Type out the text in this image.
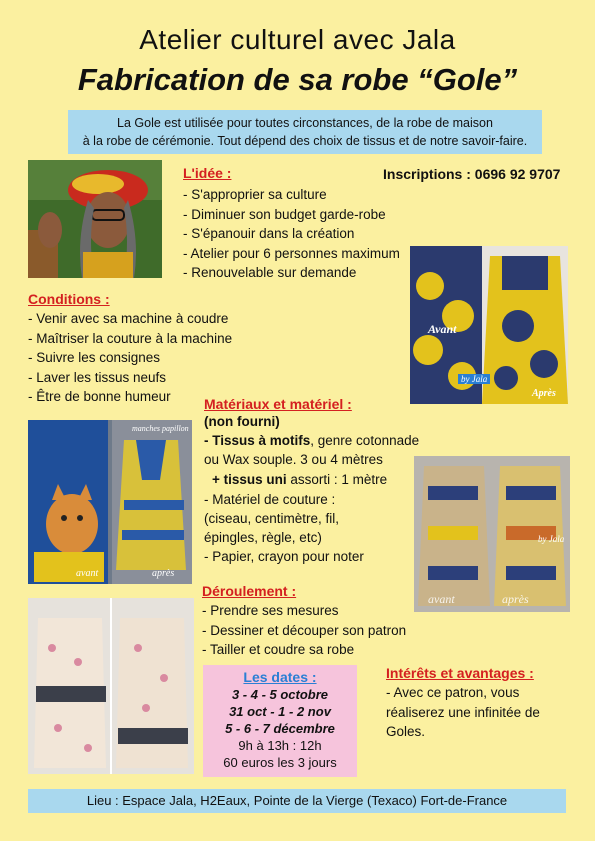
Atelier culturel avec Jala
Fabrication de sa robe “Gole”
La Gole est utilisée pour toutes circonstances, de la robe de maison
à la robe de cérémonie. Tout dépend des choix de tissus et de notre savoir-faire.
L'idée :	Inscriptions : 0696 92 9707
- S'approprier sa culture
- Diminuer son budget garde-robe
- S'épanouir dans la création
- Atelier pour 6 personnes maximum
- Renouvelable sur demande
Avant
by Jala
Après
Conditions :
- Venir avec sa machine à coudre
- Maîtriser la couture à la machine
- Suivre les consignes
- Laver les tissus neufs
- Être de bonne humeur
manches papillon
avant	après
Matériaux et matériel :
(non fourni)
- Tissus à motifs, genre cotonnade
ou Wax souple. 3 ou 4 mètres
+ tissus uni assorti : 1 mètre
- Matériel de couture :
(ciseau, centimètre, fil,
épingles, règle, etc)
- Papier, crayon pour noter
by Jala
avant	après
Déroulement :
- Prendre ses mesures
- Dessiner et découper son patron
- Tailler et coudre sa robe
Les dates :
3 - 4 - 5 octobre
31 oct - 1 - 2 nov
5 - 6 - 7 décembre
9h à 13h : 12h
60 euros les 3 jours
Intérêts et avantages :
- Avec ce patron, vous
réaliserez une infinitée de
Goles.
Lieu : Espace Jala, H2Eaux, Pointe de la Vierge (Texaco) Fort-de-France
